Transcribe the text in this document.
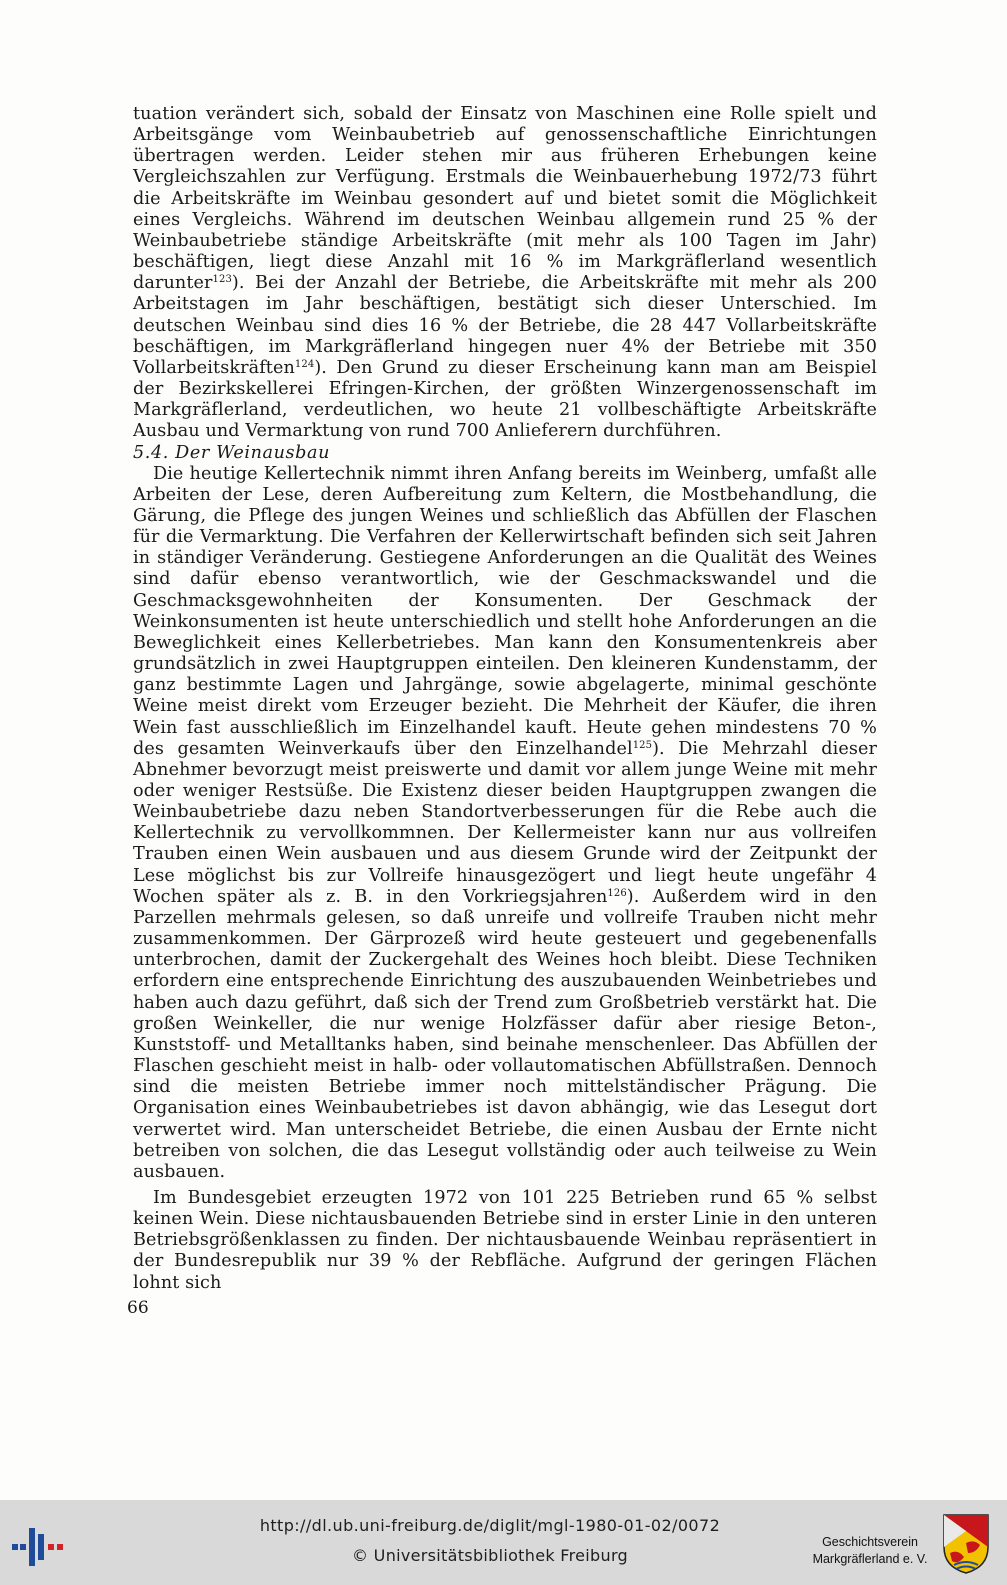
tuation verändert sich, sobald der Einsatz von Maschinen eine Rolle spielt und Arbeitsgänge vom Weinbaubetrieb auf genossenschaftliche Einrichtungen übertragen werden. Leider stehen mir aus früheren Erhebungen keine Vergleichszahlen zur Verfügung. Erstmals die Weinbauerhebung 1972/73 führt die Arbeitskräfte im Weinbau gesondert auf und bietet somit die Möglichkeit eines Vergleichs. Während im deutschen Weinbau allgemein rund 25 % der Weinbaubetriebe ständige Arbeitskräfte (mit mehr als 100 Tagen im Jahr) beschäftigen, liegt diese Anzahl mit 16 % im Markgräflerland wesentlich darunter$^{123}$). Bei der Anzahl der Betriebe, die Arbeitskräfte mit mehr als 200 Arbeitstagen im Jahr beschäftigen, bestätigt sich dieser Unterschied. Im deutschen Weinbau sind dies 16 % der Betriebe, die 28 447 Vollarbeitskräfte beschäftigen, im Markgräflerland hingegen nuer 4% der Betriebe mit 350 Vollarbeitskräften$^{124}$). Den Grund zu dieser Erscheinung kann man am Beispiel der Bezirkskellerei Efringen-Kirchen, der größten Winzergenossenschaft im Markgräflerland, verdeutlichen, wo heute 21 vollbeschäftigte Arbeitskräfte Ausbau und Vermarktung von rund 700 Anlieferern durchführen.

5.4. Der Weinausbau

Die heutige Kellertechnik nimmt ihren Anfang bereits im Weinberg, umfaßt alle Arbeiten der Lese, deren Aufbereitung zum Keltern, die Mostbehandlung, die Gärung, die Pflege des jungen Weines und schließlich das Abfüllen der Flaschen für die Vermarktung. Die Verfahren der Kellerwirtschaft befinden sich seit Jahren in ständiger Veränderung. Gestiegene Anforderungen an die Qualität des Weines sind dafür ebenso verantwortlich, wie der Geschmackswandel und die Geschmacksgewohnheiten der Konsumenten. Der Geschmack der Weinkonsumenten ist heute unterschiedlich und stellt hohe Anforderungen an die Beweglichkeit eines Kellerbetriebes. Man kann den Konsumentenkreis aber grundsätzlich in zwei Hauptgruppen einteilen. Den kleineren Kundenstamm, der ganz bestimmte Lagen und Jahrgänge, sowie abgelagerte, minimal geschönte Weine meist direkt vom Erzeuger bezieht. Die Mehrheit der Käufer, die ihren Wein fast ausschließlich im Einzelhandel kauft. Heute gehen mindestens 70 % des gesamten Weinverkaufs über den Einzelhandel$^{125}$). Die Mehrzahl dieser Abnehmer bevorzugt meist preiswerte und damit vor allem junge Weine mit mehr oder weniger Restsüße. Die Existenz dieser beiden Hauptgruppen zwangen die Weinbaubetriebe dazu neben Standortverbesserungen für die Rebe auch die Kellertechnik zu vervollkommnen. Der Kellermeister kann nur aus vollreifen Trauben einen Wein ausbauen und aus diesem Grunde wird der Zeitpunkt der Lese möglichst bis zur Vollreife hinausgezögert und liegt heute ungefähr 4 Wochen später als z. B. in den Vorkriegsjahren$^{126}$). Außerdem wird in den Parzellen mehrmals gelesen, so daß unreife und vollreife Trauben nicht mehr zusammenkommen. Der Gärprozeß wird heute gesteuert und gegebenenfalls unterbrochen, damit der Zuckergehalt des Weines hoch bleibt. Diese Techniken erfordern eine entsprechende Einrichtung des auszubauenden Weinbetriebes und haben auch dazu geführt, daß sich der Trend zum Großbetrieb verstärkt hat. Die großen Weinkeller, die nur wenige Holzfässer dafür aber riesige Beton-, Kunststoff- und Metalltanks haben, sind beinahe menschenleer. Das Abfüllen der Flaschen geschieht meist in halb- oder vollautomatischen Abfüllstraßen. Dennoch sind die meisten Betriebe immer noch mittelständischer Prägung. Die Organisation eines Weinbaubetriebes ist davon abhängig, wie das Lesegut dort verwertet wird. Man unterscheidet Betriebe, die einen Ausbau der Ernte nicht betreiben von solchen, die das Lesegut vollständig oder auch teilweise zu Wein ausbauen.

Im Bundesgebiet erzeugten 1972 von 101 225 Betrieben rund 65 % selbst keinen Wein. Diese nichtausbauenden Betriebe sind in erster Linie in den unteren Betriebsgrößenklassen zu finden. Der nichtausbauende Weinbau repräsentiert in der Bundesrepublik nur 39 % der Rebfläche. Aufgrund der geringen Flächen lohnt sich

66
http://dl.ub.uni-freiburg.de/diglit/mgl-1980-01-02/0072
© Universitätsbibliothek Freiburg
Geschichtsverein
Markgräflerland e. V.
